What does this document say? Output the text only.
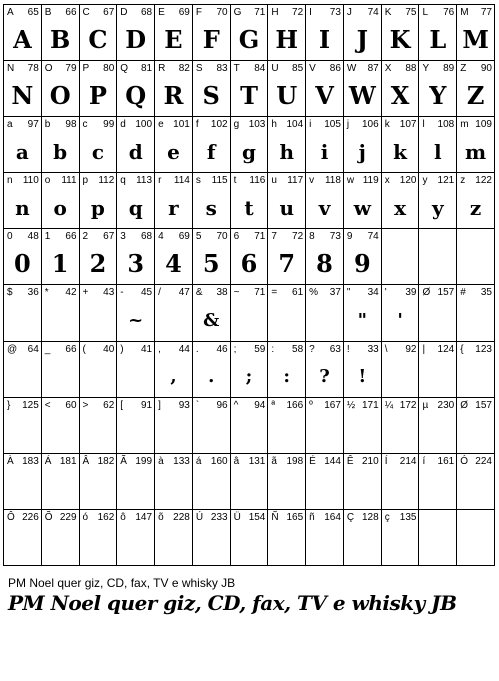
A 65
A
B 66
B
C 67
C
D 68
D
E 69
E
F 70
F
G 71
G
H 72
H
I 73
I
J 74
J
K 75
K
L 76
L
M 77
M
N 78
N
O 79
O
P 80
P
Q 81
Q
R 82
R
S 83
S
T 84
T
U 85
U
V 86
V
W 87
W
X 88
X
Y 89
Y
Z 90
Z
a 97
a
b 98
b
c 99
c
d 100
d
e 101
e
f 102
f
g 103
g
h 104
h
i 105
i
j 106
j
k 107
k
l 108
l
m 109
m
n 110
n
o 111
o
p 112
p
q 113
q
r 114
r
s 115
s
t 116
t
u 117
u
v 118
v
w 119
w
x 120
x
y 121
y
z 122
z
0 48
0
1 66
1
2 67
2
3 68
3
4 69
4
5 70
5
6 71
6
7 72
7
8 73
8
9 74
9
$ 36 * 42 + 43 - 45
~
/ 47 & 38
&
~ 71 = 61 % 37 " 34
"
' 39
'
Ø 157 # 35
@ 64 _ 66 ( 40 ) 41 , 44
,
. 46
.
; 59
;
: 58
:
? 63
?
! 33
!
\ 92 | 124 { 123
} 125 < 60 > 62 [ 91 ] 93 ` 96 ^ 94 ª 166 º 167 ½ 171 ¼ 172 µ 230 Ø 157
À 183 Á 181 Â 182 Ã 199 à 133 á 160 â 131 ã 198 É 144 Ê 210 Í 214 í 161 Ó 224
Ô 226 Õ 229 ó 162 ô 147 õ 228 Ú 233 Ü 154 Ñ 165 ñ 164 Ç 128 ç 135
PM Noel quer giz, CD, fax, TV e whisky JB
PM Noel quer giz, CD, fax, TV e whisky JB
